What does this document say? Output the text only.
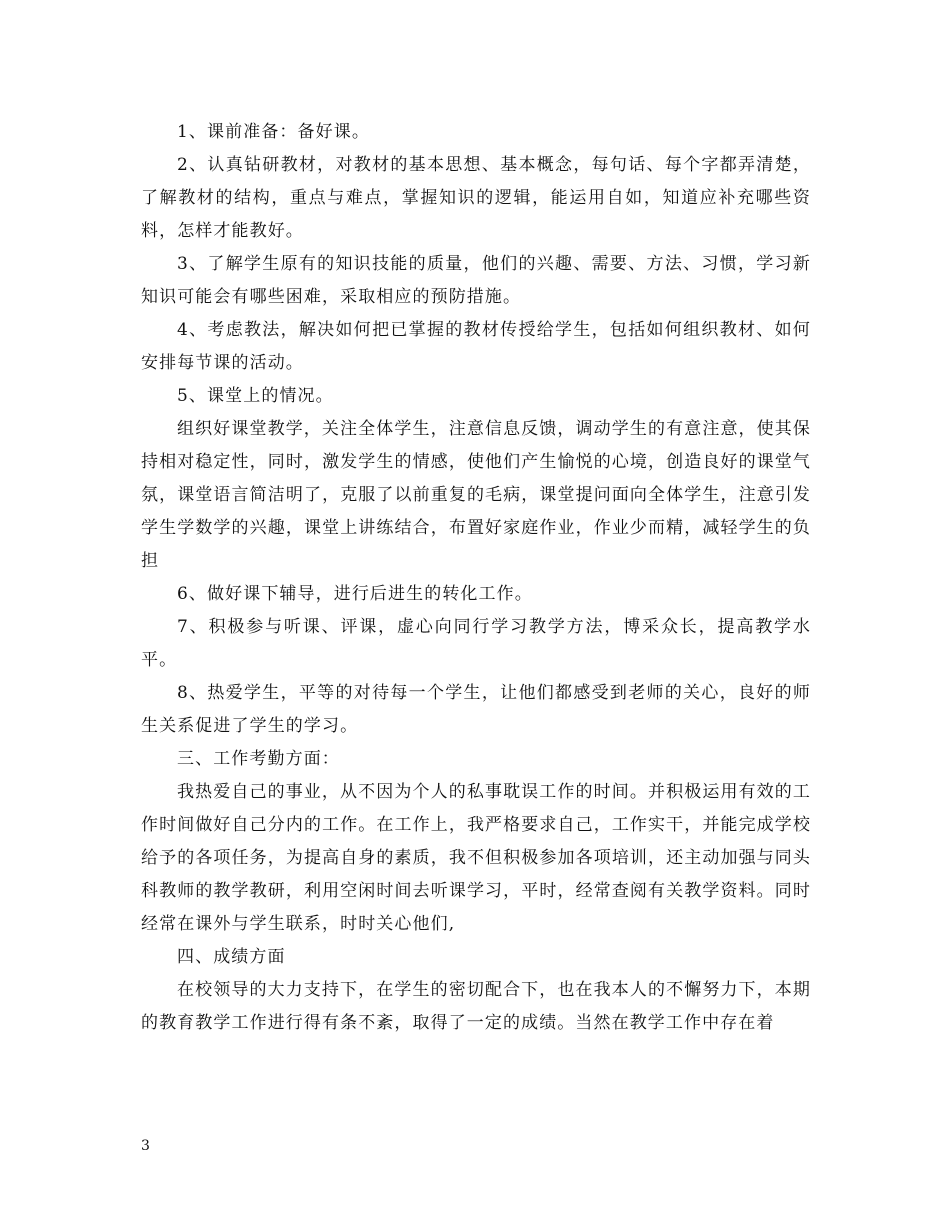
1、课前准备：备好课。

2、认真钻研教材，对教材的基本思想、基本概念，每句话、每个字都弄清楚，了解教材的结构，重点与难点，掌握知识的逻辑，能运用自如，知道应补充哪些资料，怎样才能教好。

3、了解学生原有的知识技能的质量，他们的兴趣、需要、方法、习惯，学习新知识可能会有哪些困难，采取相应的预防措施。

4、考虑教法，解决如何把已掌握的教材传授给学生，包括如何组织教材、如何安排每节课的活动。

5、课堂上的情况。

组织好课堂教学，关注全体学生，注意信息反馈，调动学生的有意注意，使其保持相对稳定性，同时，激发学生的情感，使他们产生愉悦的心境，创造良好的课堂气氛，课堂语言简洁明了，克服了以前重复的毛病，课堂提问面向全体学生，注意引发学生学数学的兴趣，课堂上讲练结合，布置好家庭作业，作业少而精，减轻学生的负担

6、做好课下辅导，进行后进生的转化工作。

7、积极参与听课、评课，虚心向同行学习教学方法，博采众长，提高教学水平。

8、热爱学生，平等的对待每一个学生，让他们都感受到老师的关心，良好的师生关系促进了学生的学习。

三、工作考勤方面：

我热爱自己的事业，从不因为个人的私事耽误工作的时间。并积极运用有效的工作时间做好自己分内的工作。在工作上，我严格要求自己，工作实干，并能完成学校给予的各项任务，为提高自身的素质，我不但积极参加各项培训，还主动加强与同头科教师的教学教研，利用空闲时间去听课学习，平时，经常查阅有关教学资料。同时经常在课外与学生联系，时时关心他们,

四、成绩方面

在校领导的大力支持下，在学生的密切配合下，也在我本人的不懈努力下，本期的教育教学工作进行得有条不紊，取得了一定的成绩。当然在教学工作中存在着

3
